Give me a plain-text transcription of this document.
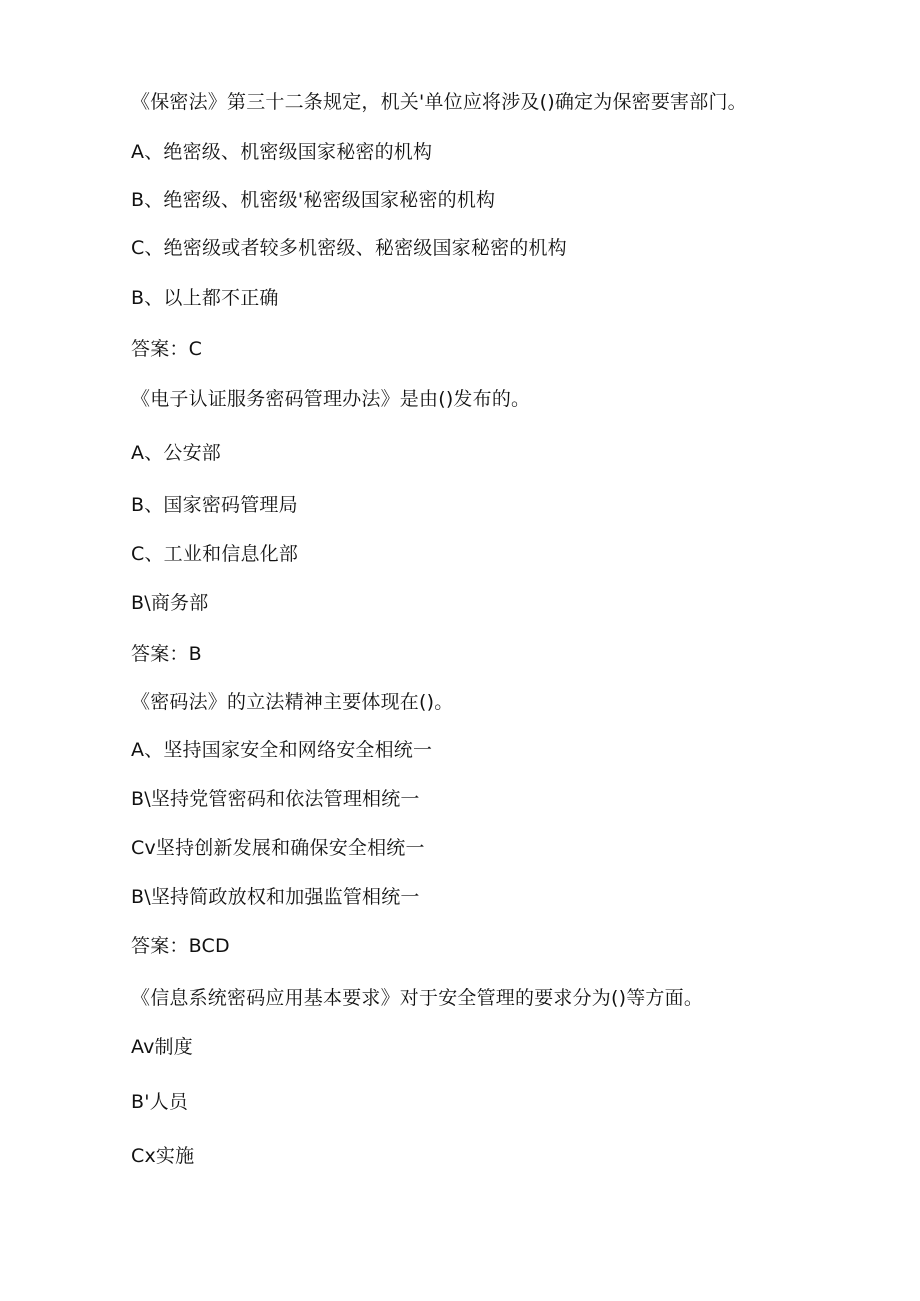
《保密法》第三十二条规定，机关'单位应将涉及()确定为保密要害部门。
A、绝密级、机密级国家秘密的机构
B、绝密级、机密级'秘密级国家秘密的机构
C、绝密级或者较多机密级、秘密级国家秘密的机构
B、以上都不正确
答案：C
《电子认证服务密码管理办法》是由()发布的。
A、公安部
B、国家密码管理局
C、工业和信息化部
B\商务部
答案：B
《密码法》的立法精神主要体现在()。
A、坚持国家安全和网络安全相统一
B\坚持党管密码和依法管理相统一
Cv坚持创新发展和确保安全相统一
B\坚持简政放权和加强监管相统一
答案：BCD
《信息系统密码应用基本要求》对于安全管理的要求分为()等方面。
Av制度
B'人员
Cx实施
